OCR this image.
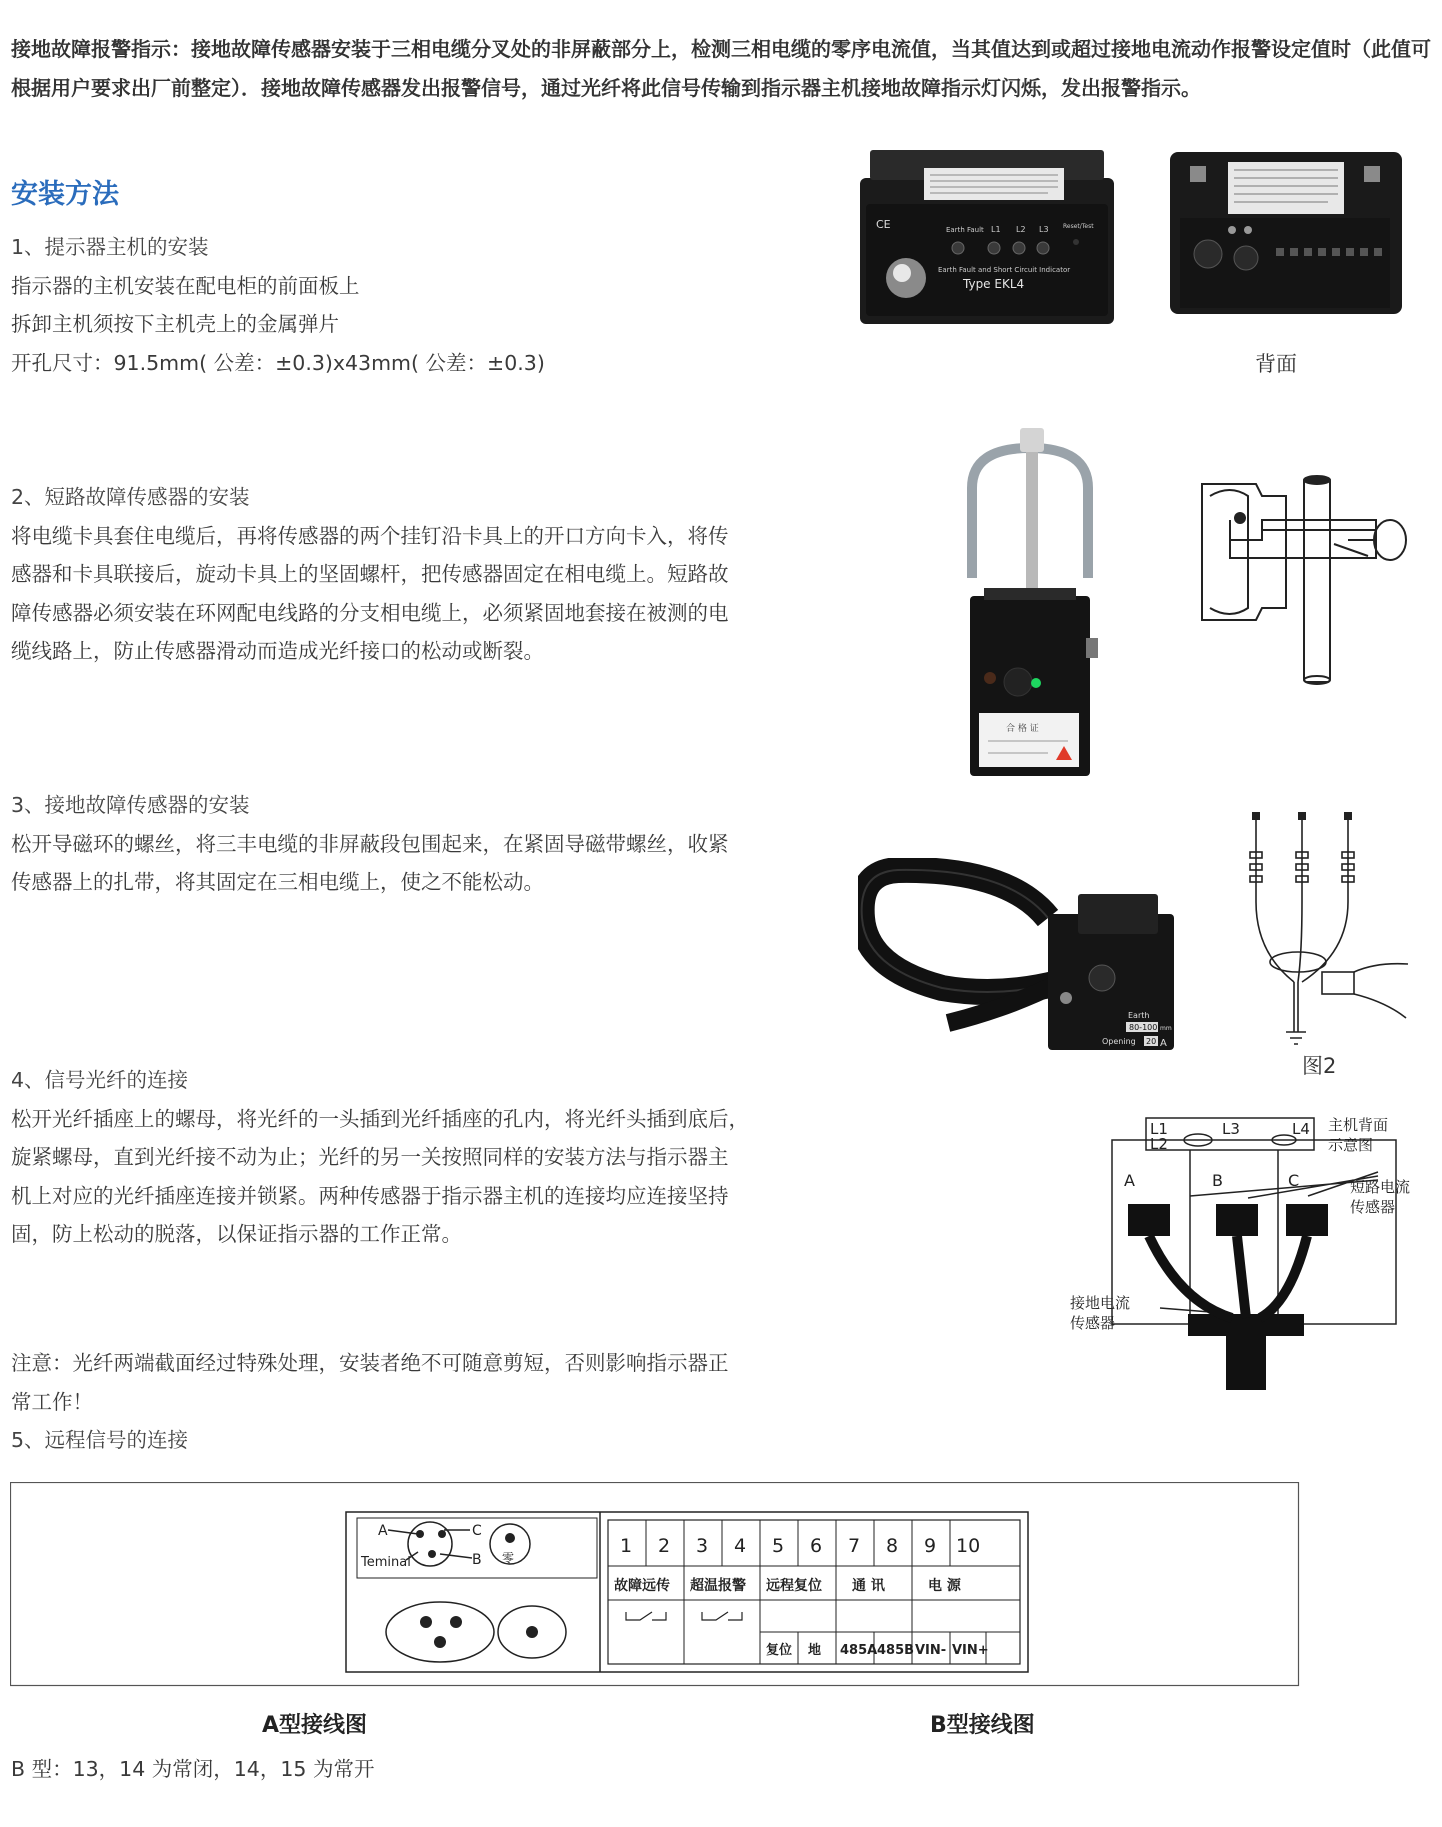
接地故障报警指示：接地故障传感器安装于三相电缆分叉处的非屏蔽部分上，检测三相电缆的零序电流值，当其值达到或超过接地电流动作报警设定值时（此值可根据用户要求出厂前整定）．接地故障传感器发出报警信号，通过光纤将此信号传输到指示器主机接地故障指示灯闪烁，发出报警指示。
安装方法
1、提示器主机的安装
指示器的主机安装在配电柜的前面板上
拆卸主机须按下主机壳上的金属弹片
开孔尺寸：91.5mm( 公差：±0.3)x43mm( 公差：±0.3)
2、短路故障传感器的安装
将电缆卡具套住电缆后，再将传感器的两个挂钉沿卡具上的开口方向卡入，将传
感器和卡具联接后，旋动卡具上的坚固螺杆，把传感器固定在相电缆上。短路故
障传感器必须安装在环网配电线路的分支相电缆上，必须紧固地套接在被测的电
缆线路上，防止传感器滑动而造成光纤接口的松动或断裂。
3、接地故障传感器的安装
松开导磁环的螺丝，将三丰电缆的非屏蔽段包围起来，在紧固导磁带螺丝，收紧
传感器上的扎带，将其固定在三相电缆上，使之不能松动。
4、信号光纤的连接
松开光纤插座上的螺母，将光纤的一头插到光纤插座的孔内，将光纤头插到底后，
旋紧螺母，直到光纤接不动为止；光纤的另一关按照同样的安装方法与指示器主
机上对应的光纤插座连接并锁紧。两种传感器于指示器主机的连接均应连接坚持
固，防上松动的脱落，以保证指示器的工作正常。
注意：光纤两端截面经过特殊处理，安装者绝不可随意剪短，否则影响指示器正
常工作！
5、远程信号的连接
CE	Earth Fault L1 L2 L3 Reset/Test
Earth Fault and Short Circuit Indicator
Type EKL4
背面
合 格 证
Earth
80-100 mm
Opening 20 A
图2
L1
L2
L3	L4 主机背面
示意图
A	B	C	短路电流
传感器
接地电流
传感器
1 2 3 4 5 6 7 8 9 10
故障远传 超温报警 远程复位 通 讯	电 源
复位 地 485A 485B VIN- VIN+
A	C
B
Teminal	零
A型接线图	B型接线图
B 型：13，14 为常闭，14，15 为常开
